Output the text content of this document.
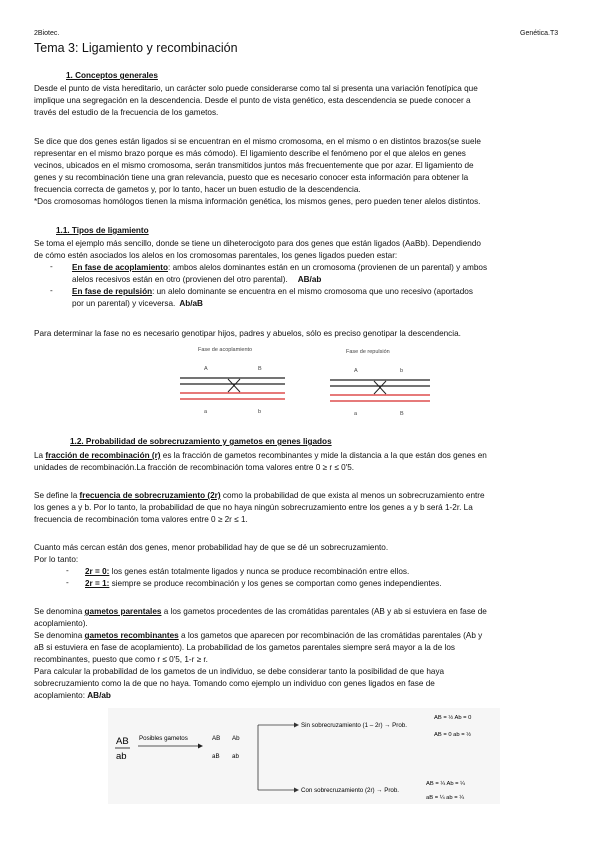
2Biotec.	Genética.T3
Tema 3: Ligamiento y recombinación
1. Conceptos generales
Desde el punto de vista hereditario, un carácter solo puede considerarse como tal si presenta una variación fenotípica que
implique una segregación en la descendencia. Desde el punto de vista genético, esta descendencia se puede conocer a
través del estudio de la frecuencia de los gametos.
Se dice que dos genes están ligados si se encuentran en el mismo cromosoma, en el mismo o en distintos brazos(se suele
representar en el mismo brazo porque es más cómodo). El ligamiento describe el fenómeno por el que alelos en genes
vecinos, ubicados en el mismo cromosoma, serán transmitidos juntos más frecuentemente que por azar. El ligamiento de
genes y su recombinación tiene una gran relevancia, puesto que es necesario conocer esta información para obtener la
frecuencia correcta de gametos y, por lo tanto, hacer un buen estudio de la descendencia.
*Dos cromosomas homólogos tienen la misma información genética, los mismos genes, pero pueden tener alelos distintos.
1.1. Tipos de ligamiento
Se toma el ejemplo más sencillo, donde se tiene un diheterocigoto para dos genes que están ligados (AaBb). Dependiendo
de cómo estén asociados los alelos en los cromosomas parentales, los genes ligados pueden estar:
- En fase de acoplamiento: ambos alelos dominantes están en un cromosoma (provienen de un parental) y ambos
alelos recesivos están en otro (provienen del otro parental). AB/ab
- En fase de repulsión: un alelo dominante se encuentra en el mismo cromosoma que uno recesivo (aportados
por un parental) y viceversa. Ab/aB
Para determinar la fase no es necesario genotipar hijos, padres y abuelos, sólo es preciso genotipar la descendencia.
Fase de acoplamiento
A	B
a	b
Fase de repulsión
A	b
a	B
1.2. Probabilidad de sobrecruzamiento y gametos en genes ligados
La fracción de recombinación (r) es la fracción de gametos recombinantes y mide la distancia a la que están dos genes en
unidades de recombinación.La fracción de recombinación toma valores entre 0 ≥ r ≤ 0'5.
Se define la frecuencia de sobrecruzamiento (2r) como la probabilidad de que exista al menos un sobrecruzamiento entre
los genes a y b. Por lo tanto, la probabilidad de que no haya ningún sobrecruzamiento entre los genes a y b será 1-2r. La
frecuencia de recombinación toma valores entre 0 ≥ 2r ≤ 1.
Cuanto más cercan están dos genes, menor probabilidad hay de que se dé un sobrecruzamiento.
Por lo tanto:
- 2r = 0: los genes están totalmente ligados y nunca se produce recombinación entre ellos.
- 2r = 1: siempre se produce recombinación y los genes se comportan como genes independientes.
Se denomina gametos parentales a los gametos procedentes de las cromátidas parentales (AB y ab si estuviera en fase de
acoplamiento).
Se denomina gametos recombinantes a los gametos que aparecen por recombinación de las cromátidas parentales (Ab y
aB si estuviera en fase de acoplamiento). La probabilidad de los gametos parentales siempre será mayor a la de los
recombinantes, puesto que como r ≤ 0'5, 1-r ≥ r.
Para calcular la probabilidad de los gametos de un individuo, se debe considerar tanto la posibilidad de que haya
sobrecruzamiento como la de que no haya. Tomando como ejemplo un individuo con genes ligados en fase de
acoplamiento: AB/ab
AB
ab
Posibles gametos	AB Ab
aB ab
Sin sobrecruzamiento (1 – 2r) → Prob.
AB = ½ Ab = 0
AB = 0 ab = ½
Con sobrecruzamiento (2r) → Prob.
AB = ¼ Ab = ¼
aB = ¼ ab = ¼
